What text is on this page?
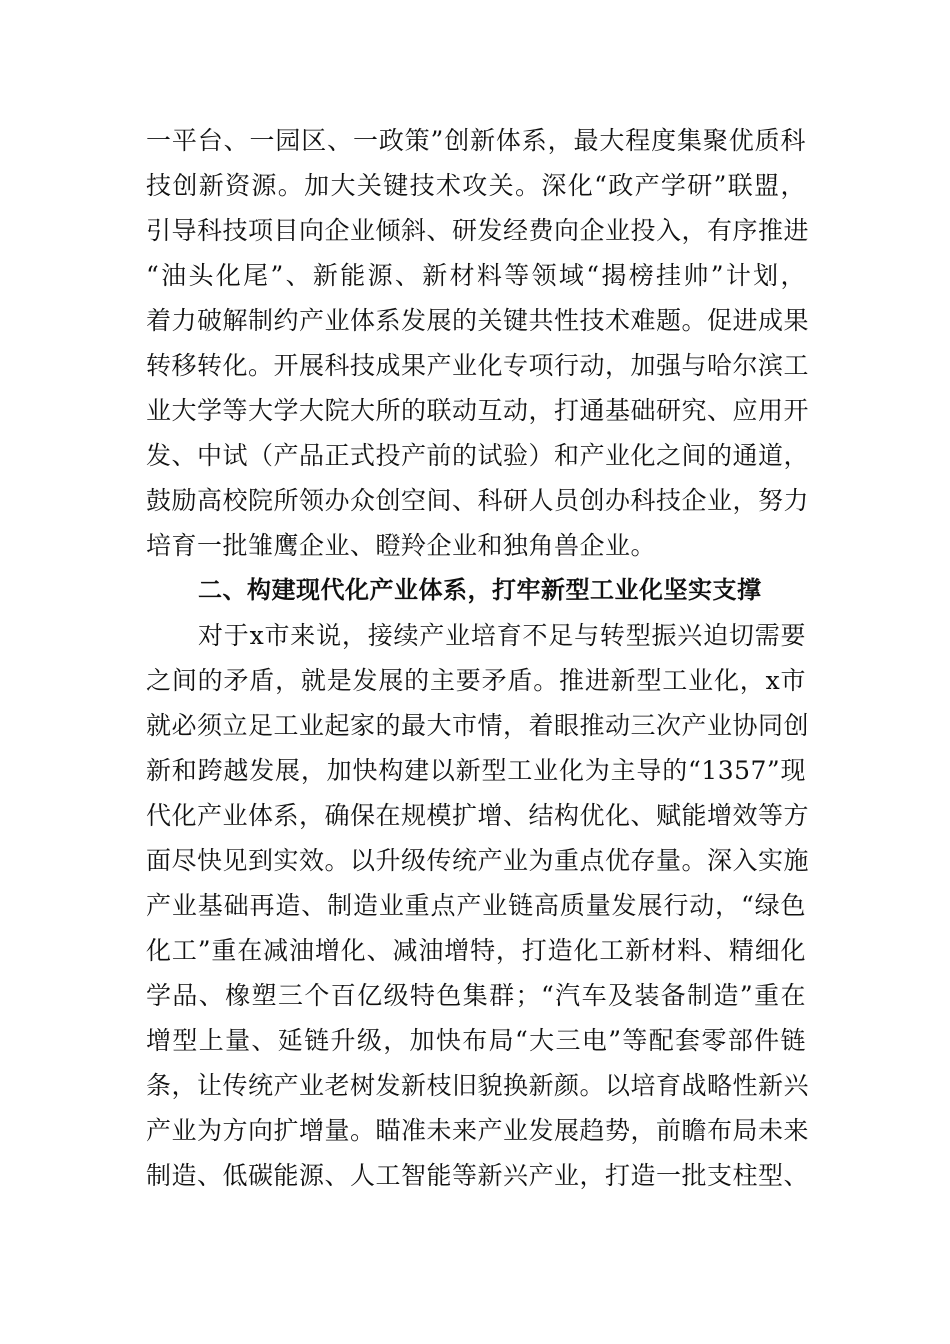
一平台、一园区、一政策”创新体系，最大程度集聚优质科
技创新资源。加大关键技术攻关。深化“政产学研”联盟，
引导科技项目向企业倾斜、研发经费向企业投入，有序推进
“油头化尾”、新能源、新材料等领域“揭榜挂帅”计划，
着力破解制约产业体系发展的关键共性技术难题。促进成果
转移转化。开展科技成果产业化专项行动，加强与哈尔滨工
业大学等大学大院大所的联动互动，打通基础研究、应用开
发、中试（产品正式投产前的试验）和产业化之间的通道，
鼓励高校院所领办众创空间、科研人员创办科技企业，努力
培育一批雏鹰企业、瞪羚企业和独角兽企业。
二、构建现代化产业体系，打牢新型工业化坚实支撑
对于x市来说，接续产业培育不足与转型振兴迫切需要
之间的矛盾，就是发展的主要矛盾。推进新型工业化，x市
就必须立足工业起家的最大市情，着眼推动三次产业协同创
新和跨越发展，加快构建以新型工业化为主导的“1357”现
代化产业体系，确保在规模扩增、结构优化、赋能增效等方
面尽快见到实效。以升级传统产业为重点优存量。深入实施
产业基础再造、制造业重点产业链高质量发展行动，“绿色
化工”重在减油增化、减油增特，打造化工新材料、精细化
学品、橡塑三个百亿级特色集群；“汽车及装备制造”重在
增型上量、延链升级，加快布局“大三电”等配套零部件链
条，让传统产业老树发新枝旧貌换新颜。以培育战略性新兴
产业为方向扩增量。瞄准未来产业发展趋势，前瞻布局未来
制造、低碳能源、人工智能等新兴产业，打造一批支柱型、
